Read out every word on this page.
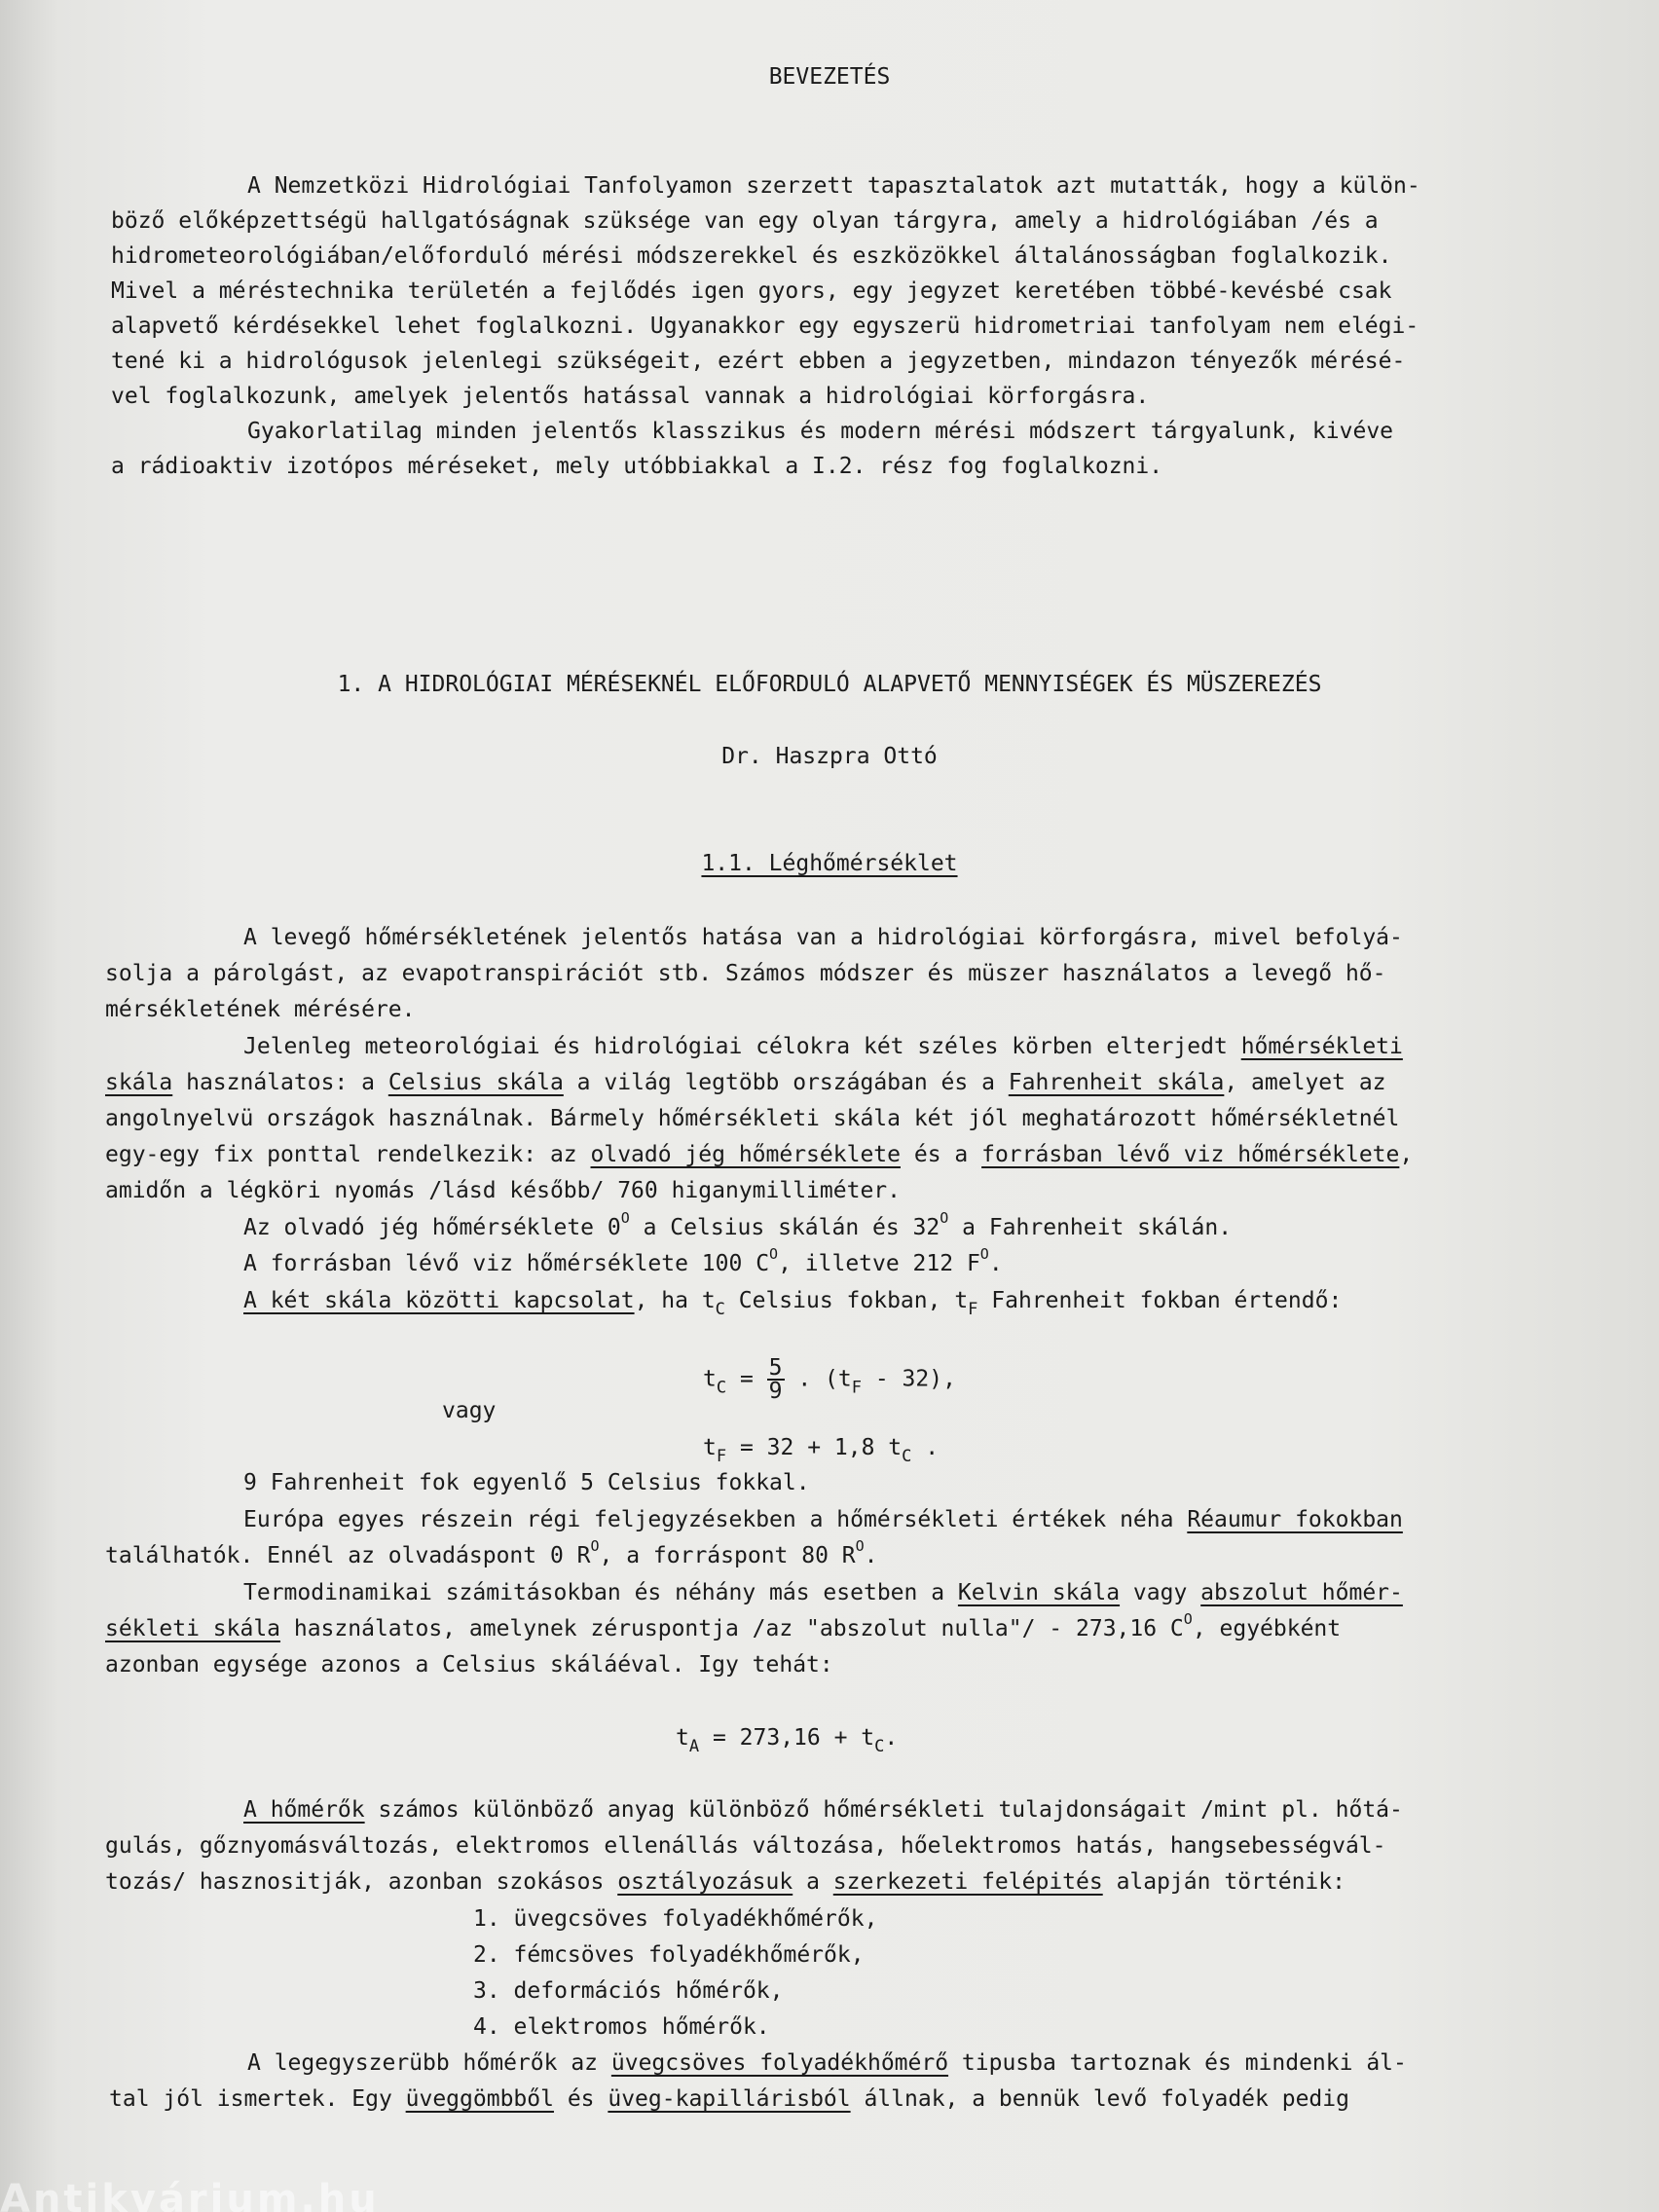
BEVEZETÉS
A Nemzetközi Hidrológiai Tanfolyamon szerzett tapasztalatok azt mutatták, hogy a külön-
böző előképzettségü hallgatóságnak szüksége van egy olyan tárgyra, amely a hidrológiában /és a
hidrometeorológiában/előforduló mérési módszerekkel és eszközökkel általánosságban foglalkozik.
Mivel a méréstechnika területén a fejlődés igen gyors, egy jegyzet keretében többé-kevésbé csak
alapvető kérdésekkel lehet foglalkozni. Ugyanakkor egy egyszerü hidrometriai tanfolyam nem elégi-
tené ki a hidrológusok jelenlegi szükségeit, ezért ebben a jegyzetben, mindazon tényezők mérésé-
vel foglalkozunk, amelyek jelentős hatással vannak a hidrológiai körforgásra.
Gyakorlatilag minden jelentős klasszikus és modern mérési módszert tárgyalunk, kivéve
a rádioaktiv izotópos méréseket, mely utóbbiakkal a I.2. rész fog foglalkozni.
1. A HIDROLÓGIAI MÉRÉSEKNÉL ELŐFORDULÓ ALAPVETŐ MENNYISÉGEK ÉS MÜSZEREZÉS
Dr. Haszpra Ottó
1.1. Léghőmérséklet
A levegő hőmérsékletének jelentős hatása van a hidrológiai körforgásra, mivel befolyá-
solja a párolgást, az evapotranspirációt stb. Számos módszer és müszer használatos a levegő hő-
mérsékletének mérésére.
Jelenleg meteorológiai és hidrológiai célokra két széles körben elterjedt hőmérsékleti
skála használatos: a Celsius skála a világ legtöbb országában és a Fahrenheit skála, amelyet az
angolnyelvü országok használnak. Bármely hőmérsékleti skála két jól meghatározott hőmérsékletnél
egy-egy fix ponttal rendelkezik: az olvadó jég hőmérséklete és a forrásban lévő viz hőmérséklete,
amidőn a légköri nyomás /lásd később/ 760 higanymilliméter.
Az olvadó jég hőmérséklete $0^O$ a Celsius skálán és $32^O$ a Fahrenheit skálán.
A forrásban lévő viz hőmérséklete 100 $C^O$, illetve 212 $F^O$.
A két skála közötti kapcsolat, ha $t_C$ Celsius fokban, $t_F$ Fahrenheit fokban értendő:
$t_C = \frac{5}{9}$ . $(t_F - 32)$,
vagy
$t_F = 32 + 1,8$ $t_C$ .
9 Fahrenheit fok egyenlő 5 Celsius fokkal.
Európa egyes részein régi feljegyzésekben a hőmérsékleti értékek néha Réaumur fokokban
találhatók. Ennél az olvadáspont 0 $R^O$, a forráspont 80 $R^O$.
Termodinamikai számitásokban és néhány más esetben a Kelvin skála vagy abszolut hőmér-
sékleti skála használatos, amelynek zéruspontja /az "abszolut nulla"/ - 273,16 $C^O$, egyébként
azonban egysége azonos a Celsius skáláéval. Igy tehát:
$t_A = 273,16 + t_C$.
A hőmérők számos különböző anyag különböző hőmérsékleti tulajdonságait /mint pl. hőtá-
gulás, gőznyomásváltozás, elektromos ellenállás változása, hőelektromos hatás, hangsebességvál-
tozás/ hasznositják, azonban szokásos osztályozásuk a szerkezeti felépités alapján történik:
1. üvegcsöves folyadékhőmérők,
2. fémcsöves folyadékhőmérők,
3. deformációs hőmérők,
4. elektromos hőmérők.
A legegyszerübb hőmérők az üvegcsöves folyadékhőmérő tipusba tartoznak és mindenki ál-
tal jól ismertek. Egy üveggömbből és üveg-kapillárisból állnak, a bennük levő folyadék pedig
Antikvárium.hu
